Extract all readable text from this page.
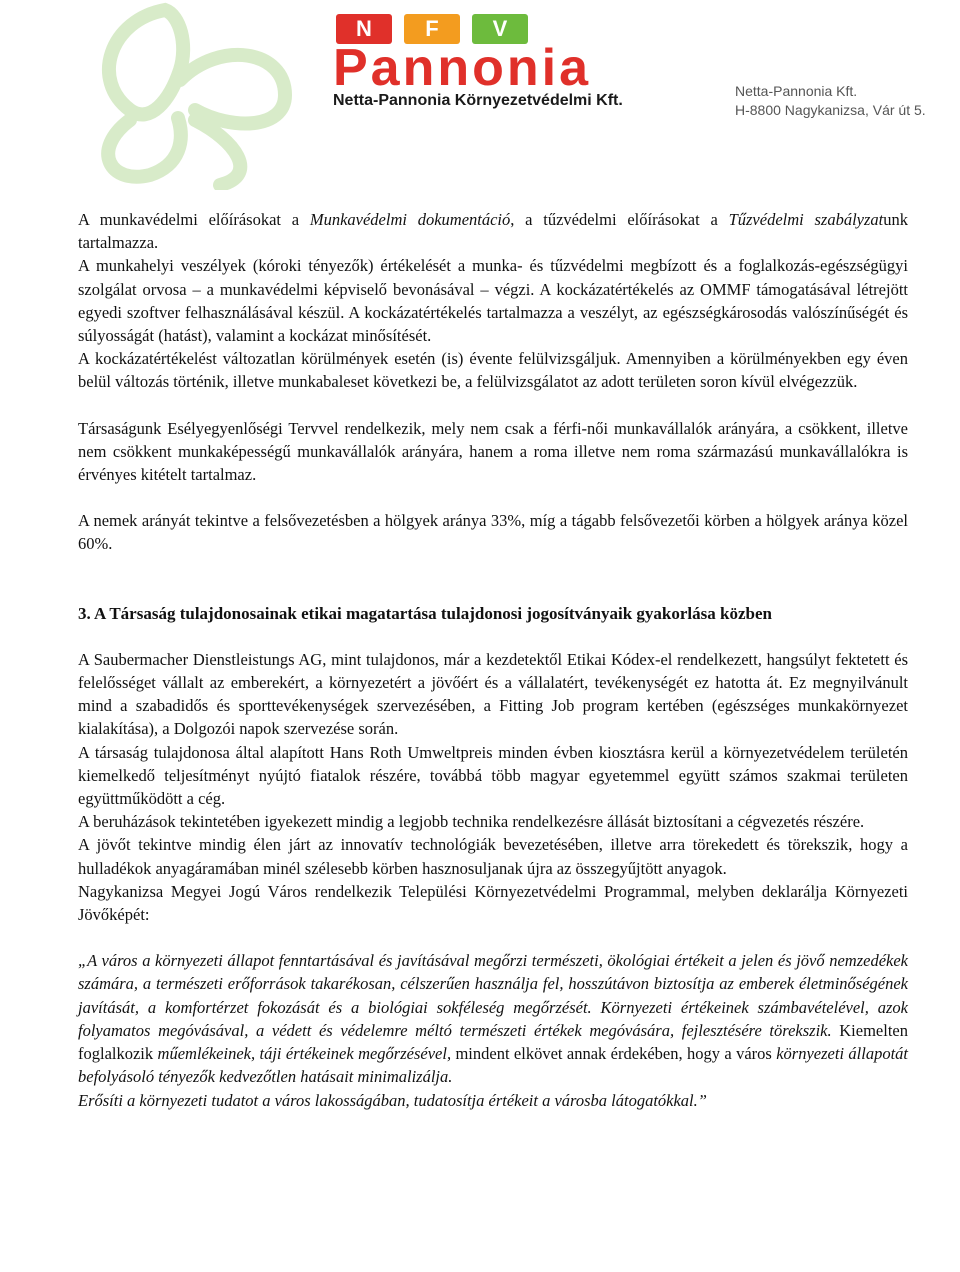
N	F	V
Pannonia
Netta-Pannonia Környezetvédelmi Kft.
Netta-Pannonia Kft.
H-8800 Nagykanizsa, Vár út 5.

A munkavédelmi előírásokat a Munkavédelmi dokumentáció, a tűzvédelmi előírásokat a Tűzvédelmi szabályzatunk tartalmazza.

A munkahelyi veszélyek (kóroki tényezők) értékelését a munka- és tűzvédelmi megbízott és a foglalkozás-egészségügyi szolgálat orvosa – a munkavédelmi képviselő bevonásával – végzi. A kockázatértékelés az OMMF támogatásával létrejött egyedi szoftver felhasználásával készül. A kockázatértékelés tartalmazza a veszélyt, az egészségkárosodás valószínűségét és súlyosságát (hatást), valamint a kockázat minősítését.

A kockázatértékelést változatlan körülmények esetén (is) évente felülvizsgáljuk. Amennyiben a körülményekben egy éven belül változás történik, illetve munkabaleset következi be, a felülvizsgálatot az adott területen soron kívül elvégezzük.

Társaságunk Esélyegyenlőségi Tervvel rendelkezik, mely nem csak a férfi-női munkavállalók arányára, a csökkent, illetve nem csökkent munkaképességű munkavállalók arányára, hanem a roma illetve nem roma származású munkavállalókra is érvényes kitételt tartalmaz.

A nemek arányát tekintve a felsővezetésben a hölgyek aránya 33%, míg a tágabb felsővezetői körben a hölgyek aránya közel 60%.

3. A Társaság tulajdonosainak etikai magatartása tulajdonosi jogosítványaik gyakorlása közben

A Saubermacher Dienstleistungs AG, mint tulajdonos, már a kezdetektől Etikai Kódex-el rendelkezett, hangsúlyt fektetett és felelősséget vállalt az emberekért, a környezetért a jövőért és a vállalatért, tevékenységét ez hatotta át. Ez megnyilvánult mind a szabadidős és sporttevékenységek szervezésében, a Fitting Job program kertében (egészséges munkakörnyezet kialakítása), a Dolgozói napok szervezése során.

A társaság tulajdonosa által alapított Hans Roth Umweltpreis minden évben kiosztásra kerül a környezetvédelem területén kiemelkedő teljesítményt nyújtó fiatalok részére, továbbá több magyar egyetemmel együtt számos szakmai területen együttműködött a cég.

A beruházások tekintetében igyekezett mindig a legjobb technika rendelkezésre állását biztosítani a cégvezetés részére.

A jövőt tekintve mindig élen járt az innovatív technológiák bevezetésében, illetve arra törekedett és törekszik, hogy a hulladékok anyagáramában minél szélesebb körben hasznosuljanak újra az összegyűjtött anyagok.

Nagykanizsa Megyei Jogú Város rendelkezik Települési Környezetvédelmi Programmal, melyben deklarálja Környezeti Jövőképét:

„A város a környezeti állapot fenntartásával és javításával megőrzi természeti, ökológiai értékeit a jelen és jövő nemzedékek számára, a természeti erőforrások takarékosan, célszerűen használja fel, hosszútávon biztosítja az emberek életminőségének javítását, a komfortérzet fokozását és a biológiai sokféleség megőrzését. Környezeti értékeinek számbavételével, azok folyamatos megóvásával, a védett és védelemre méltó természeti értékek megóvására, fejlesztésére törekszik. Kiemelten foglalkozik műemlékeinek, táji értékeinek megőrzésével, mindent elkövet annak érdekében, hogy a város környezeti állapotát befolyásoló tényezők kedvezőtlen hatásait minimalizálja.

Erősíti a környezeti tudatot a város lakosságában, tudatosítja értékeit a városba látogatókkal.”
